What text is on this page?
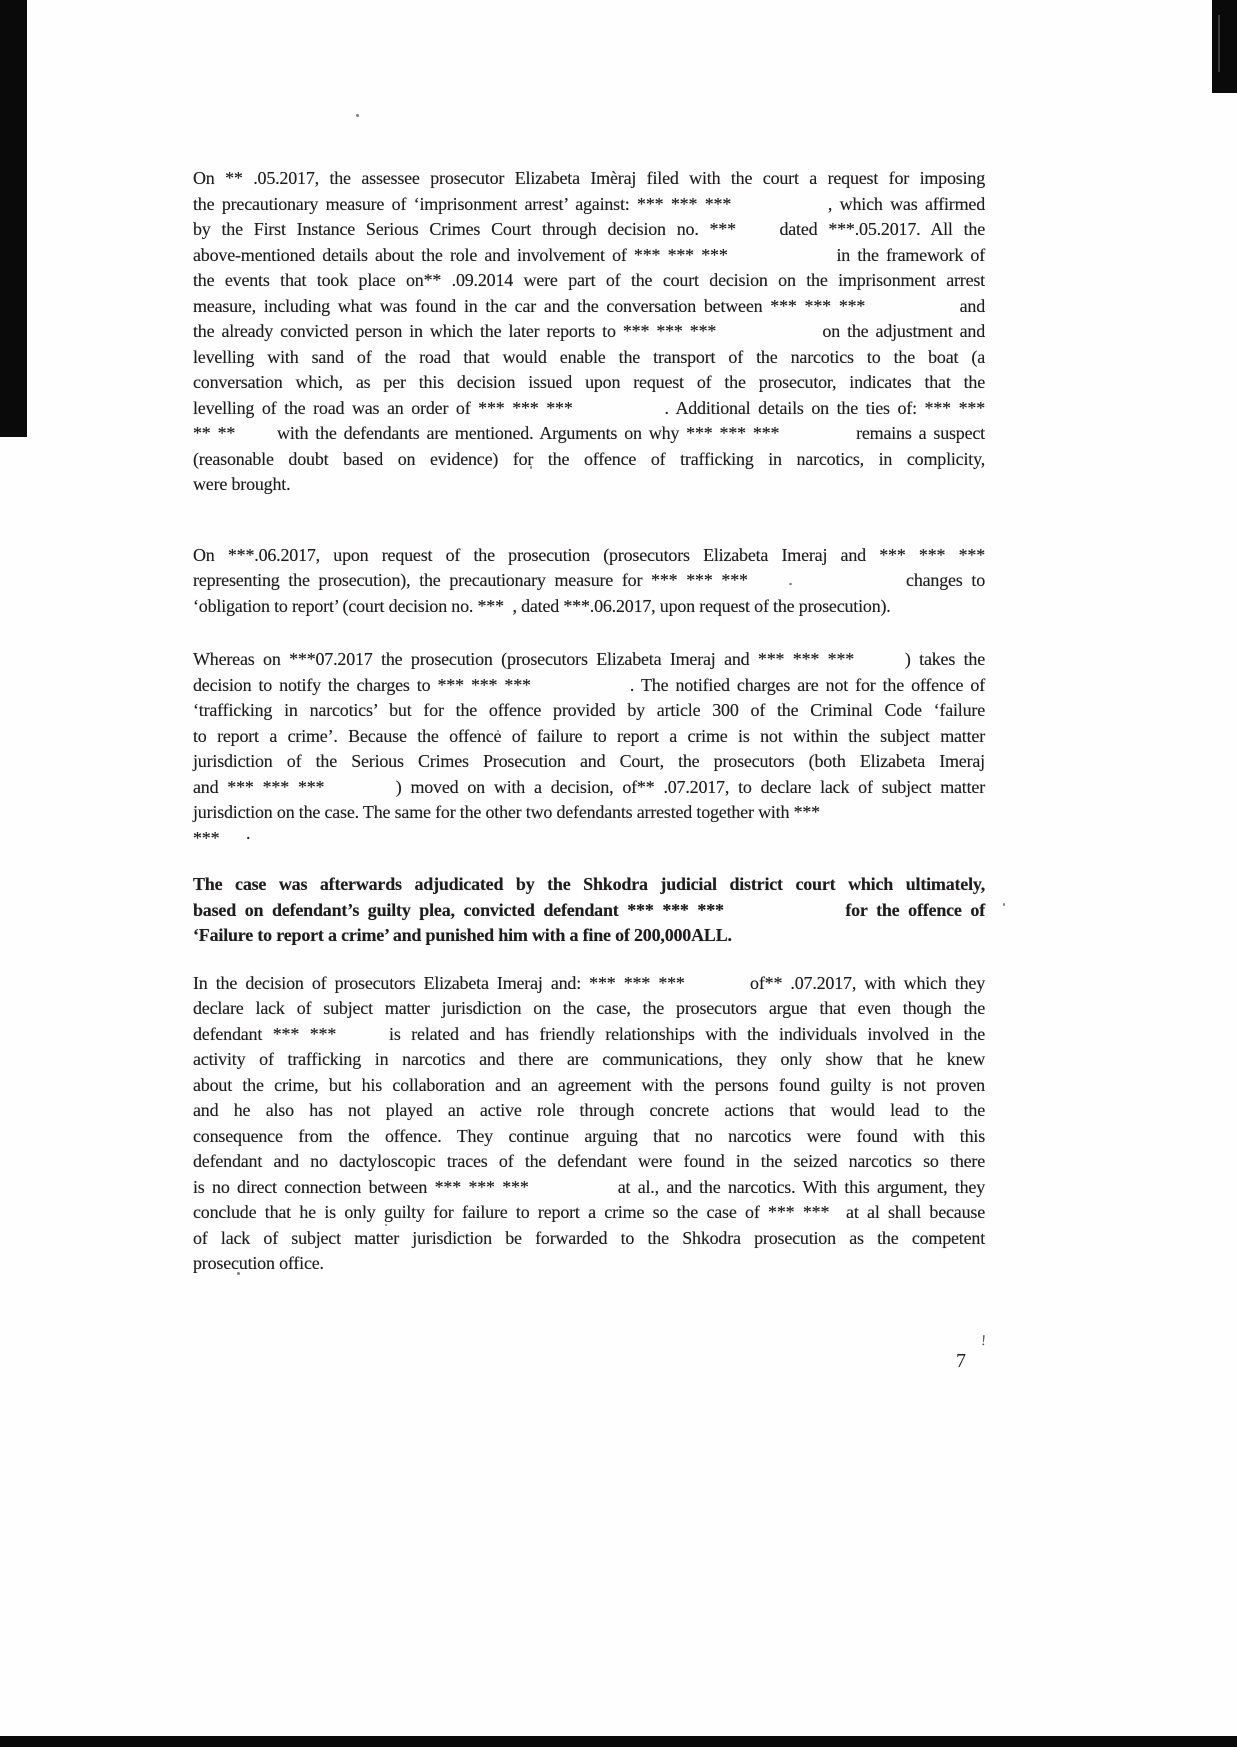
On ** .05.2017, the assessee prosecutor Elizabeta Imèraj filed with the court a request for imposing
the precautionary measure of ‘imprisonment arrest’ against: *** *** ***             , which was affirmed
by the First Instance Serious Crimes Court through decision no. ***    dated ***.05.2017. All the
above-mentioned details about the role and involvement of *** *** ***               in the framework of
the events that took place on** .09.2014 were part of the court decision on the imprisonment arrest
measure, including what was found in the car and the conversation between *** *** ***            and
the already convicted person in which the later reports to *** *** ***               on the adjustment and
levelling with sand of the road that would enable the transport of the narcotics to the boat (a
conversation which, as per this decision issued upon request of the prosecutor, indicates that the
levelling of the road was an order of *** *** ***            . Additional details on the ties of: *** ***
** **      with the defendants are mentioned. Arguments on why *** *** ***           remains a suspect
(reasonable doubt based on evidence) for the offence of trafficking in narcotics, in complicity,
were brought.
On ***.06.2017, upon request of the prosecution (prosecutors Elizabeta Imeraj and *** *** ***
representing the prosecution), the precautionary measure for *** *** ***                  changes to
‘obligation to report’ (court decision no. ***  , dated ***.06.2017, upon request of the prosecution).
Whereas on ***07.2017 the prosecution (prosecutors Elizabeta Imeraj and *** *** ***      ) takes the
decision to notify the charges to *** *** ***              . The notified charges are not for the offence of
‘trafficking in narcotics’ but for the offence provided by article 300 of the Criminal Code ‘failure
to report a crime’. Because the offence of failure to report a crime is not within the subject matter
jurisdiction of the Serious Crimes Prosecution and Court, the prosecutors (both Elizabeta Imeraj
and *** *** ***        ) moved on with a decision, of** .07.2017, to declare lack of subject matter
jurisdiction on the case. The same for the other two defendants arrested together with ***
***      ·
The case was afterwards adjudicated by the Shkodra judicial district court which ultimately,
based on defendant’s guilty plea, convicted defendant *** *** ***              for the offence of
‘Failure to report a crime’ and punished him with a fine of 200,000ALL.
In the decision of prosecutors Elizabeta Imeraj and: *** *** ***        of** .07.2017, with which they
declare lack of subject matter jurisdiction on the case, the prosecutors argue that even though the
defendant *** ***     is related and has friendly relationships with the individuals involved in the
activity of trafficking in narcotics and there are communications, they only show that he knew
about the crime, but his collaboration and an agreement with the persons found guilty is not proven
and he also has not played an active role through concrete actions that would lead to the
consequence from the offence. They continue arguing that no narcotics were found with this
defendant and no dactyloscopic traces of the defendant were found in the seized narcotics so there
is no direct connection between *** *** ***            at al., and the narcotics. With this argument, they
conclude that he is only guilty for failure to report a crime so the case of *** ***  at al shall because
of lack of subject matter jurisdiction be forwarded to the Shkodra prosecution as the competent
prosecution office.
!
7
